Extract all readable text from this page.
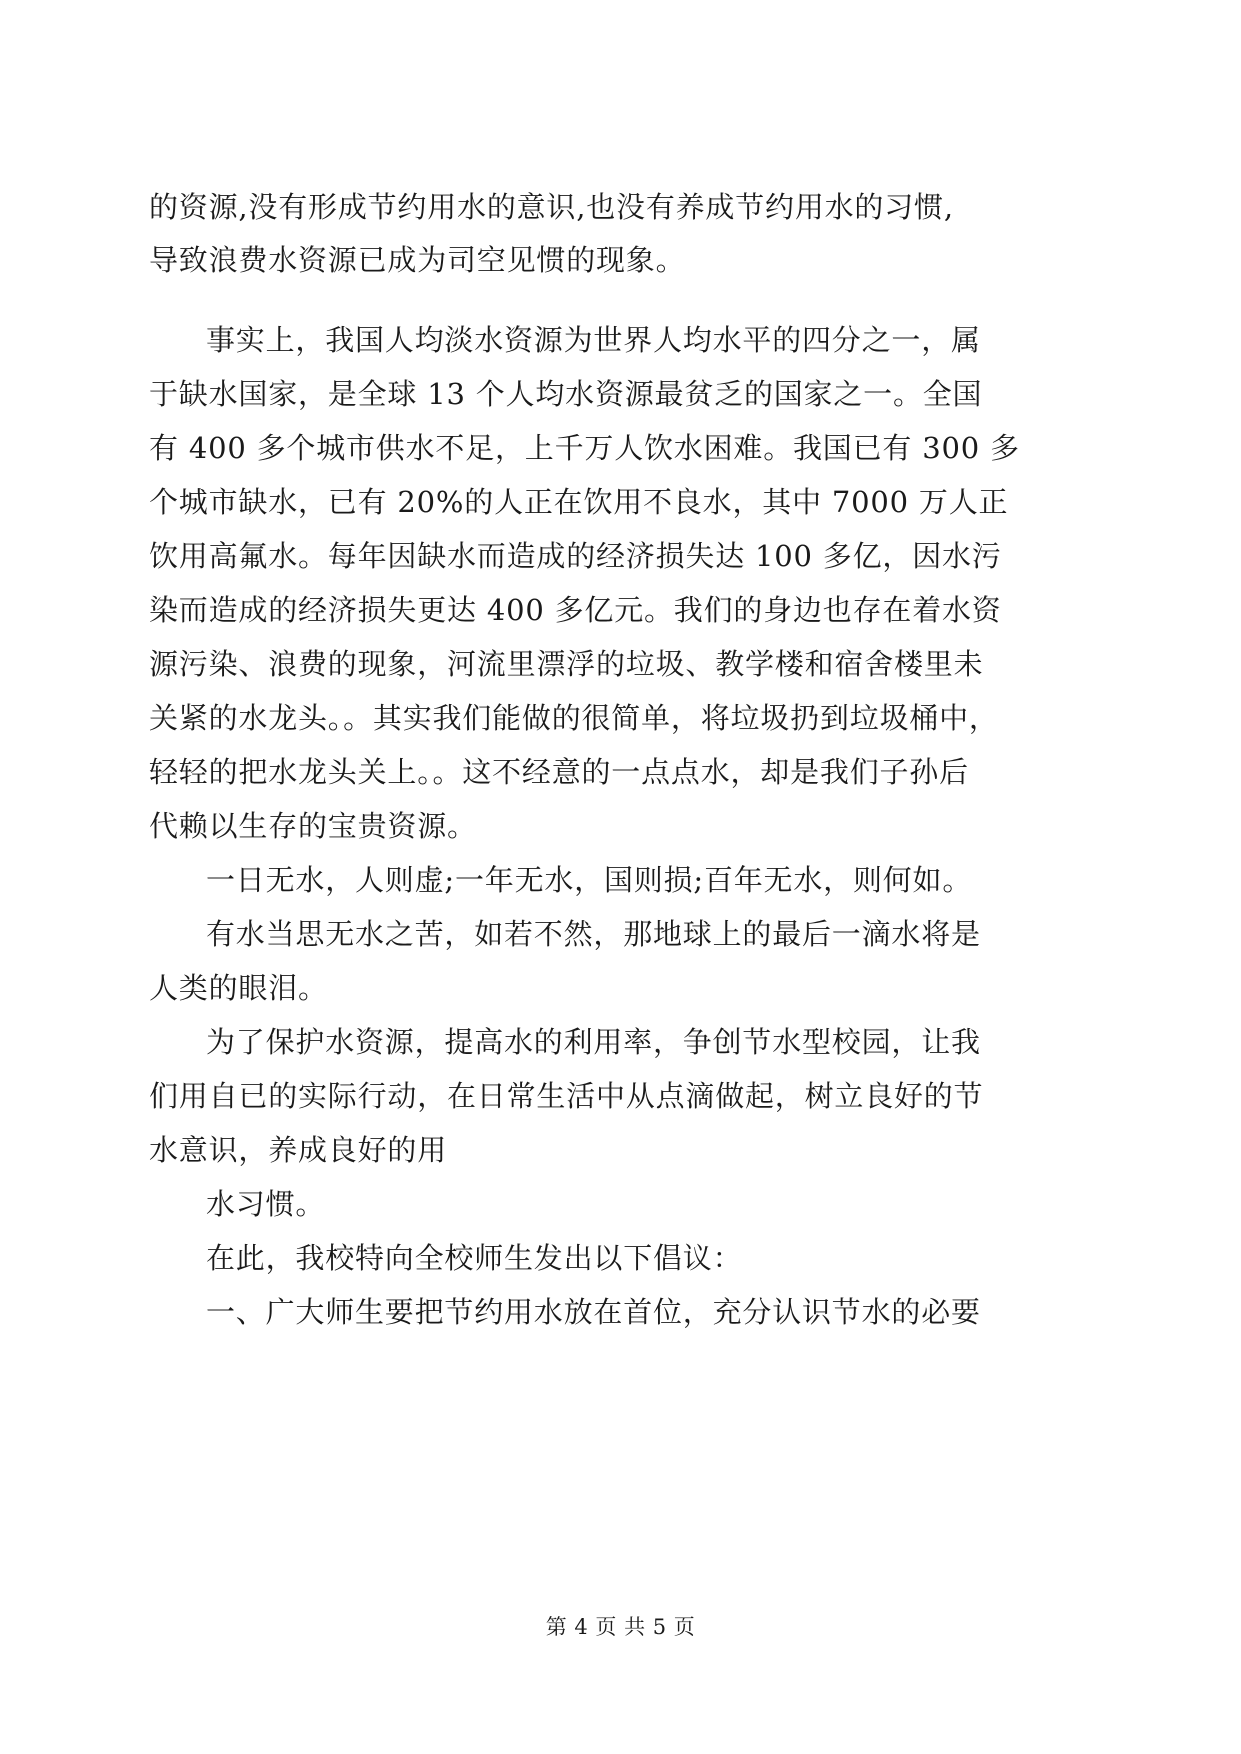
的资源,没有形成节约用水的意识,也没有养成节约用水的习惯,
导致浪费水资源已成为司空见惯的现象。
事实上，我国人均淡水资源为世界人均水平的四分之一，属
于缺水国家，是全球 13 个人均水资源最贫乏的国家之一。全国
有 400 多个城市供水不足，上千万人饮水困难。我国已有 300 多
个城市缺水，已有 20%的人正在饮用不良水，其中 7000 万人正
饮用高氟水。每年因缺水而造成的经济损失达 100 多亿，因水污
染而造成的经济损失更达 400 多亿元。我们的身边也存在着水资
源污染、浪费的现象，河流里漂浮的垃圾、教学楼和宿舍楼里未
关紧的水龙头。。其实我们能做的很简单，将垃圾扔到垃圾桶中，
轻轻的把水龙头关上。。这不经意的一点点水，却是我们子孙后
代赖以生存的宝贵资源。
一日无水，人则虚;一年无水，国则损;百年无水，则何如。
有水当思无水之苦，如若不然，那地球上的最后一滴水将是
人类的眼泪。
为了保护水资源，提高水的利用率，争创节水型校园，让我
们用自已的实际行动，在日常生活中从点滴做起，树立良好的节
水意识，养成良好的用
水习惯。
在此，我校特向全校师生发出以下倡议：
一、广大师生要把节约用水放在首位，充分认识节水的必要
第 4 页 共 5 页
